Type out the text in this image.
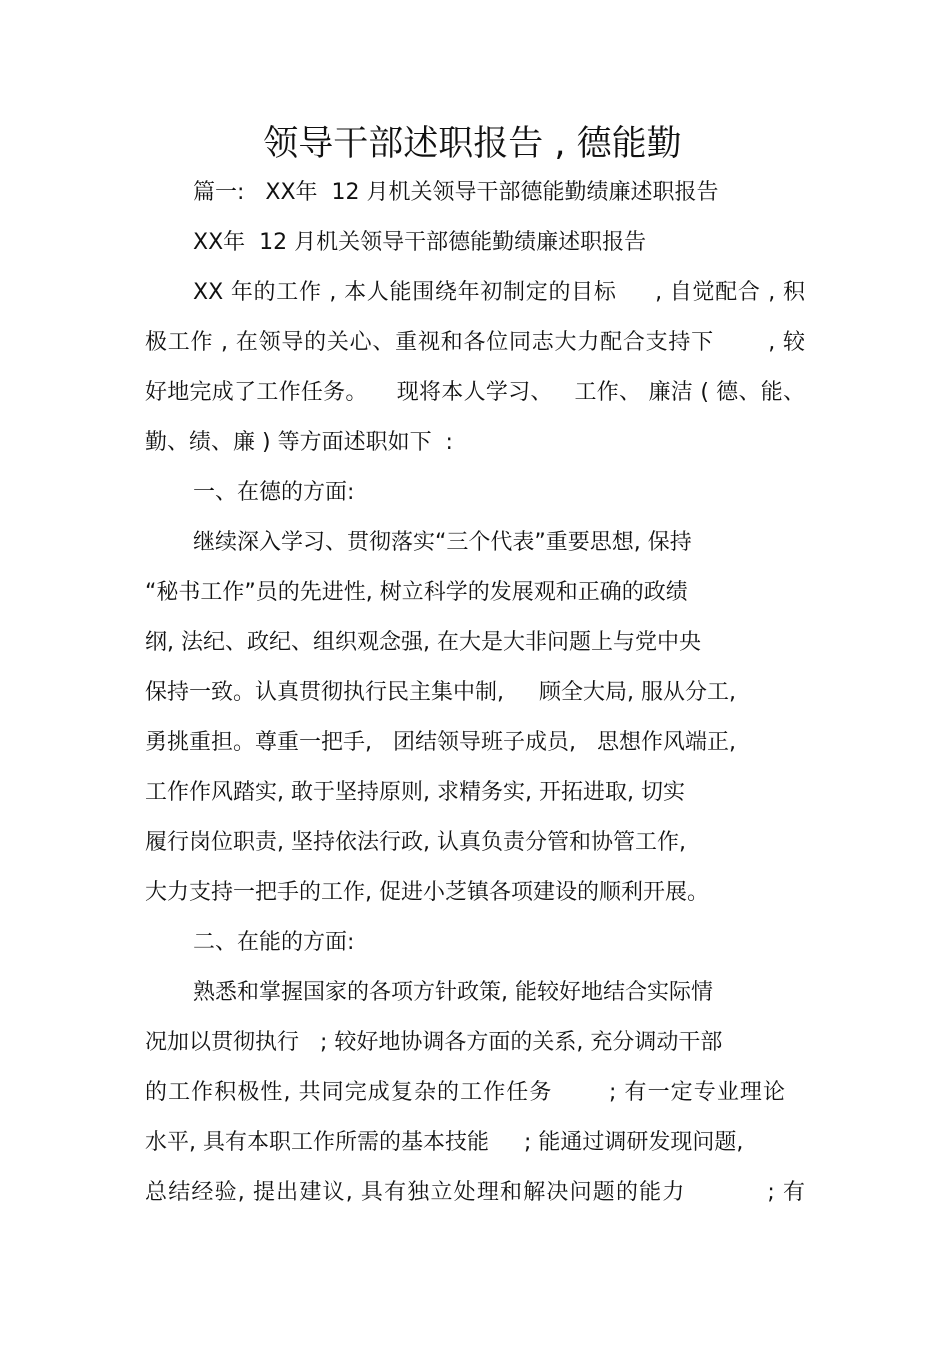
领导干部述职报告 , 德能勤
篇一:   XX年  12 月机关领导干部德能勤绩廉述职报告
XX年  12 月机关领导干部德能勤绩廉述职报告
XX 年的工作 , 本人能围绕年初制定的目标     , 自觉配合 , 积
极工作 , 在领导的关心、重视和各位同志大力配合支持下       , 较
好地完成了工作任务。    现将本人学习、   工作、 廉洁 ( 德、能、
勤、绩、廉 ) 等方面述职如下  :
一、在德的方面:
继续深入学习、贯彻落实“三个代表”重要思想, 保持
“秘书工作”员的先进性, 树立科学的发展观和正确的政绩
纲, 法纪、政纪、组织观念强, 在大是大非问题上与党中央
保持一致。认真贯彻执行民主集中制,     顾全大局, 服从分工,
勇挑重担。尊重一把手,   团结领导班子成员,   思想作风端正,
工作作风踏实, 敢于坚持原则, 求精务实, 开拓进取, 切实
履行岗位职责, 坚持依法行政, 认真负责分管和协管工作,
大力支持一把手的工作, 促进小芝镇各项建设的顺利开展。
二、在能的方面:
熟悉和掌握国家的各项方针政策, 能较好地结合实际情
况加以贯彻执行   ; 较好地协调各方面的关系, 充分调动干部
的工作积极性, 共同完成复杂的工作任务       ; 有一定专业理论
水平, 具有本职工作所需的基本技能     ; 能通过调研发现问题,
总结经验, 提出建议, 具有独立处理和解决问题的能力          ; 有
